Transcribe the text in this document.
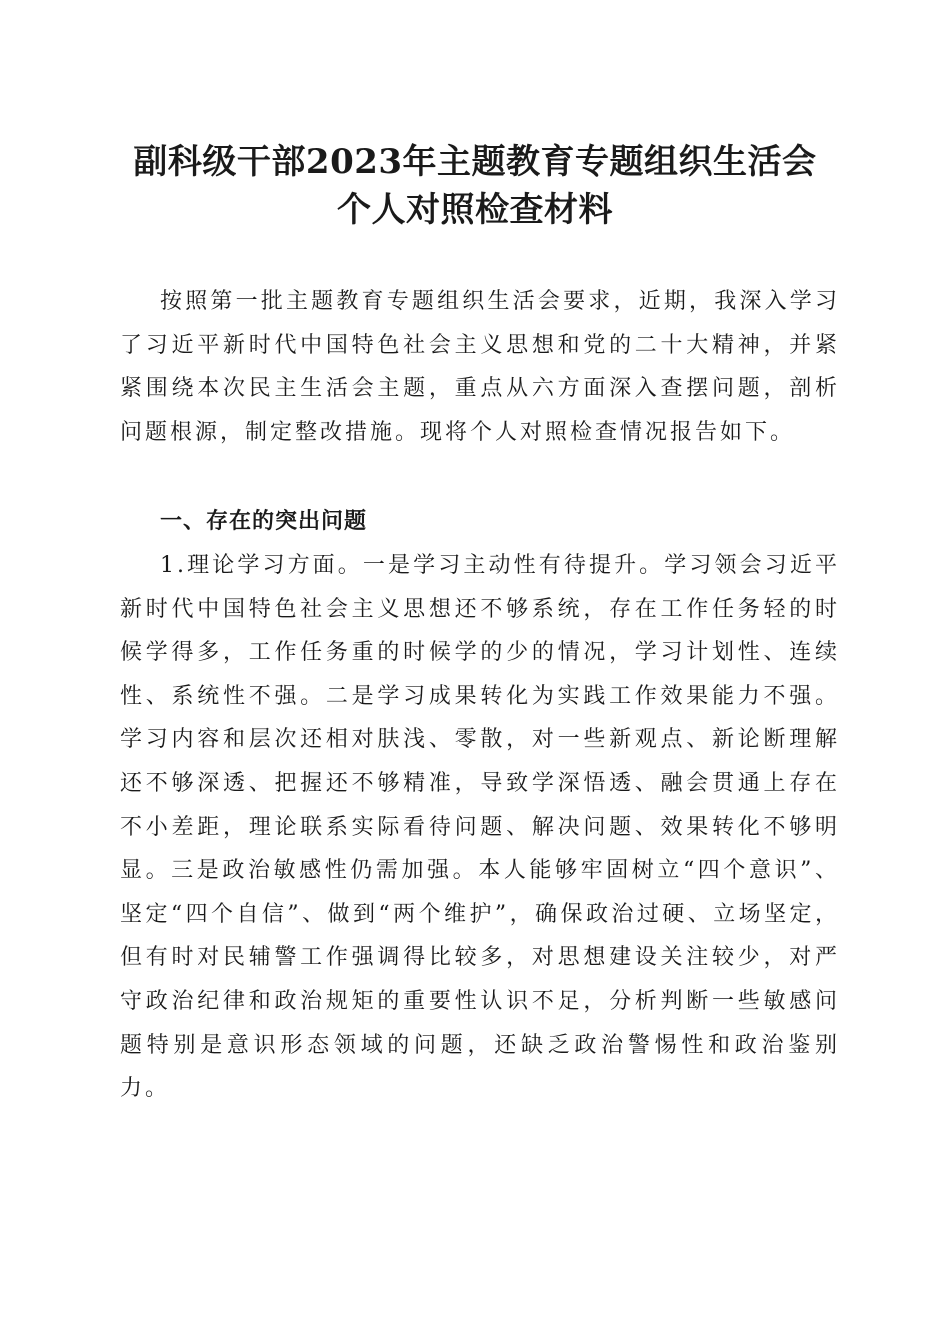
副科级干部2023年主题教育专题组织生活会
个人对照检查材料

按照第一批主题教育专题组织生活会要求，近期，我深入学习了习近平新时代中国特色社会主义思想和党的二十大精神，并紧紧围绕本次民主生活会主题，重点从六方面深入查摆问题，剖析问题根源，制定整改措施。现将个人对照检查情况报告如下。

一、存在的突出问题

1.理论学习方面。一是学习主动性有待提升。学习领会习近平新时代中国特色社会主义思想还不够系统，存在工作任务轻的时候学得多，工作任务重的时候学的少的情况，学习计划性、连续性、系统性不强。二是学习成果转化为实践工作效果能力不强。学习内容和层次还相对肤浅、零散，对一些新观点、新论断理解还不够深透、把握还不够精准，导致学深悟透、融会贯通上存在不小差距，理论联系实际看待问题、解决问题、效果转化不够明显。三是政治敏感性仍需加强。本人能够牢固树立“四个意识”、坚定“四个自信”、做到“两个维护”，确保政治过硬、立场坚定，但有时对民辅警工作强调得比较多，对思想建设关注较少，对严守政治纪律和政治规矩的重要性认识不足，分析判断一些敏感问题特别是意识形态领域的问题，还缺乏政治警惕性和政治鉴别力。
